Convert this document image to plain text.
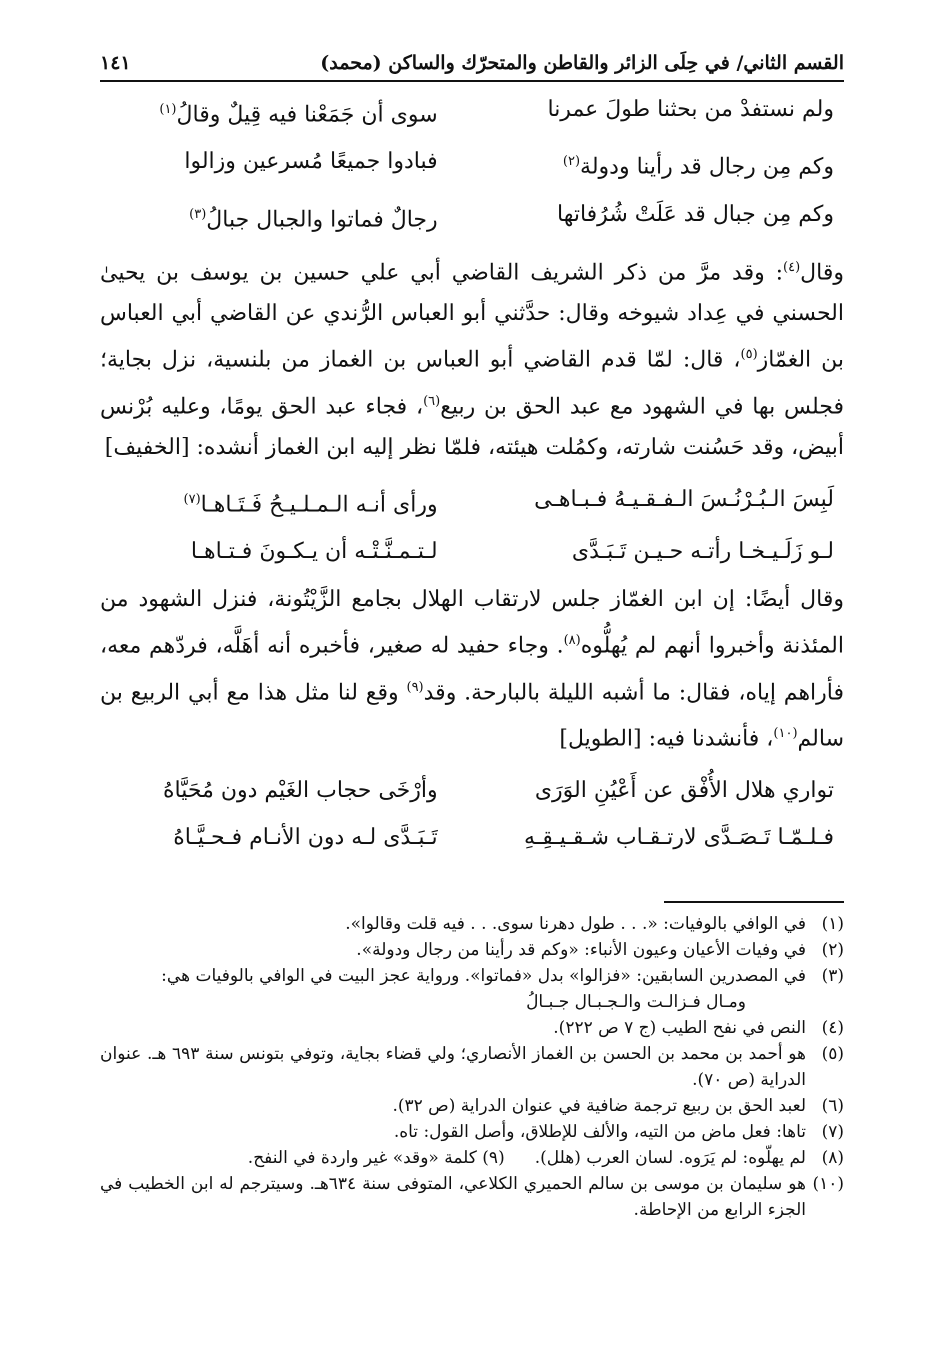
القسم الثاني/ في حِلَى الزائر والقاطن والمتحرّك والساكن (محمد)
١٤١
ولم نستفدْ من بحثنا طولَ عمرنا
سوى أن جَمَعْنا فيه قِيلٌ وقالُ$^{(١)}$
وكم مِن رجال قد رأينا ودولة$^{(٢)}$
فبادوا جميعًا مُسرعين وزالوا
وكم مِن جبال قد عَلَتْ شُرُفاتها
رجالٌ فماتوا والجبال جبالُ$^{(٣)}$

وقال$^{(٤)}$: وقد مرَّ من ذكر الشريف القاضي أبي علي حسين بن يوسف بن يحيىٰ الحسني في عِداد شيوخه وقال: حدَّثني أبو العباس الرُّندي عن القاضي أبي العباس بن الغمّاز$^{(٥)}$، قال: لمّا قدم القاضي أبو العباس بن الغماز من بلنسية، نزل بجاية؛ فجلس بها في الشهود مع عبد الحق بن ربيع$^{(٦)}$، فجاء عبد الحق يومًا، وعليه بُرْنس أبيض، وقد حَسُنت شارته، وكمُلت هيئته، فلمّا نظر إليه ابن الغماز أنشده: [الخفيف]

لَبِسَ الـبُـرْنُـسَ الـفـقـيـهُ فـبـاهـى
ورأى أنـه الـمـلـيـحُ فَـتَـاهـا$^{(٧)}$
لـو زَلَـيـخـا رأتـه حـيـن تَـبَـدَّى
لـتـمـنَّـتْـه أن يـكـونَ فـتـاهـا

وقال أيضًا: إن ابن الغمّاز جلس لارتقاب الهلال بجامع الزَّيْتُونة، فنزل الشهود من المئذنة وأخبروا أنهم لم يُهلُّوه$^{(٨)}$. وجاء حفيد له صغير، فأخبره أنه أهَلَّه، فردّهم معه، فأراهم إياه، فقال: ما أشبه الليلة بالبارحة. وقد$^{(٩)}$ وقع لنا مثل هذا مع أبي الربيع بن سالم$^{(١٠)}$، فأنشدنا فيه: [الطويل]

تواري هلال الأُفْق عن أَعْيُنِ الوَرَى
وأرْخَى حجاب الغَيْم دون مُحَيَّاهُ
فـلـمّـا تَـصَـدَّى لارتـقـاب شـقـيـقِـهِ
تَـبَـدَّى لـه دون الأنـام فـحـيَّـاهُ
(١)
في الوافي بالوفيات: «. . . طول دهرنا سوى. . . فيه قلت وقالوا».
(٢)
في وفيات الأعيان وعيون الأنباء: «وكم قد رأينا من رجال ودولة».
(٣)
في المصدرين السابقين: «فزالوا» بدل «فماتوا». ورواية عجز البيت في الوافي بالوفيات هي:
ومـال فـزالـت والـجـبـال جـبـالُ
(٤)
النص في نفح الطيب (ج ٧ ص ٢٢٢).
(٥)
هو أحمد بن محمد بن الحسن بن الغماز الأنصاري؛ ولي قضاء بجاية، وتوفي بتونس سنة ٦٩٣ هـ. عنوان الدراية (ص ٧٠).
(٦)
لعبد الحق بن ربيع ترجمة ضافية في عنوان الدراية (ص ٣٢).
(٧)
تاها: فعل ماض من التيه، والألف للإطلاق، وأصل القول: تاه.
(٨)
لم يهلّوه: لم يَرَوه. لسان العرب (هلل).
(٩) كلمة «وقد» غير واردة في النفح.
(١٠)
هو سليمان بن موسى بن سالم الحميري الكلاعي، المتوفى سنة ٦٣٤هـ. وسيترجم له ابن الخطيب في الجزء الرابع من الإحاطة.
